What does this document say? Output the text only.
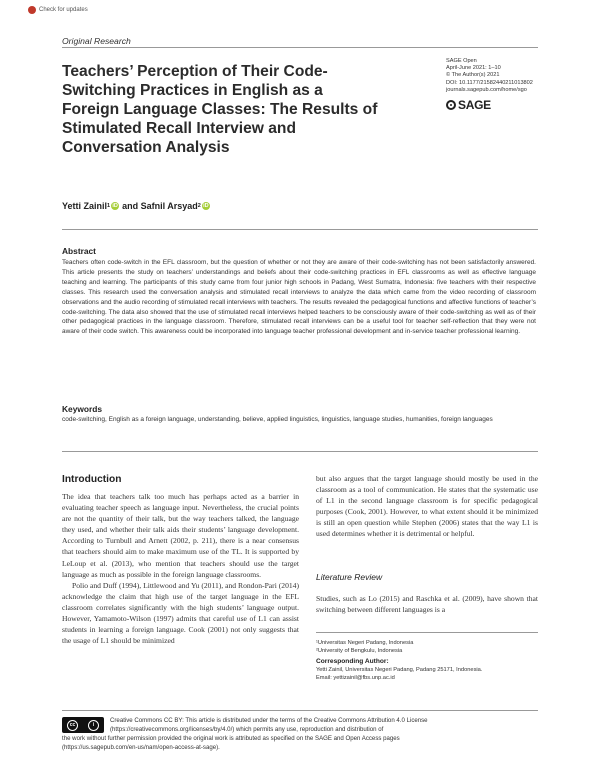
Check for updates
Original Research
Teachers’ Perception of Their Code-Switching Practices in English as a Foreign Language Classes: The Results of Stimulated Recall Interview and Conversation Analysis
SAGE Open
April-June 2021: 1–10
© The Author(s) 2021
DOI: 10.1177/21582440211013802
journals.sagepub.com/home/sgo
SAGE
Yetti Zainil 1 iD and
Safnil Arsyad 2 iD
Abstract

Teachers often code-switch in the EFL classroom, but the question of whether or not they are aware of their code-switching has not been satisfactorily answered. This article presents the study on teachers’ understandings and beliefs about their code-switching practices in EFL classrooms as well as effective language teaching and learning. The participants of this study came from four junior high schools in Padang, West Sumatra, Indonesia: five teachers with their respective classes. This research used the conversation analysis and stimulated recall interviews to analyze the data which came from the video recording of classroom observations and the audio recording of stimulated recall interviews with teachers. The results revealed the pedagogical functions and affective functions of teacher’s code-switching. The data also showed that the use of stimulated recall interviews helped teachers to be consciously aware of their code-switching as well as of their other pedagogical practices in the language classroom. Therefore, stimulated recall interviews can be a useful tool for teacher self-reflection that they were not aware of their code switch. This awareness could be incorporated into language teacher professional development and in-service teacher professional learning.

Keywords

code-switching, English as a foreign language, understanding, believe, applied linguistics, linguistics, language studies, humanities, foreign languages

Introduction

The idea that teachers talk too much has perhaps acted as a barrier in evaluating teacher speech as language input. Nevertheless, the crucial points are not the quantity of their talk, but the way teachers talked, the language they used, and whether their talk aids their students’ language development. According to Turnbull and Arnett (2002, p. 211), there is a near consensus that teachers should aim to make maximum use of the TL. It is supported by LeLoup et al. (2013), who mention that teachers should use the target language as much as possible in the foreign language classrooms.

Polio and Duff (1994), Littlewood and Yu (2011), and Rondon-Pari (2014) acknowledge the claim that high use of the target language in the EFL classroom correlates significantly with the high students’ language output. However, Yamamoto-Wilson (1997) admits that careful use of L1 can assist students in learning a foreign language. Cook (2001) not only suggests that the usage of L1 should be minimized

but also argues that the target language should mostly be used in the classroom as a tool of communication. He states that the systematic use of L1 in the second language classroom is for specific pedagogical purposes (Cook, 2001). However, to what extent should it be minimized is still an open question while Stephen (2006) states that the way L1 is used determines whether it is detrimental or helpful.

Literature Review

Studies, such as Lo (2015) and Raschka et al. (2009), have shown that switching between different languages is a

¹Universitas Negeri Padang, Indonesia
²University of Bengkulu, Indonesia
Corresponding Author:
Yetti Zainil, Universitas Negeri Padang, Padang 25171, Indonesia.
Email: yettizainil@fbs.unp.ac.id
cc	i
Creative Commons CC BY: This article is distributed under the terms of the Creative Commons Attribution 4.0 License
(https://creativecommons.org/licenses/by/4.0/) which permits any use, reproduction and distribution of
the work without further permission provided the original work is attributed as specified on the SAGE and Open Access pages
(https://us.sagepub.com/en-us/nam/open-access-at-sage).
